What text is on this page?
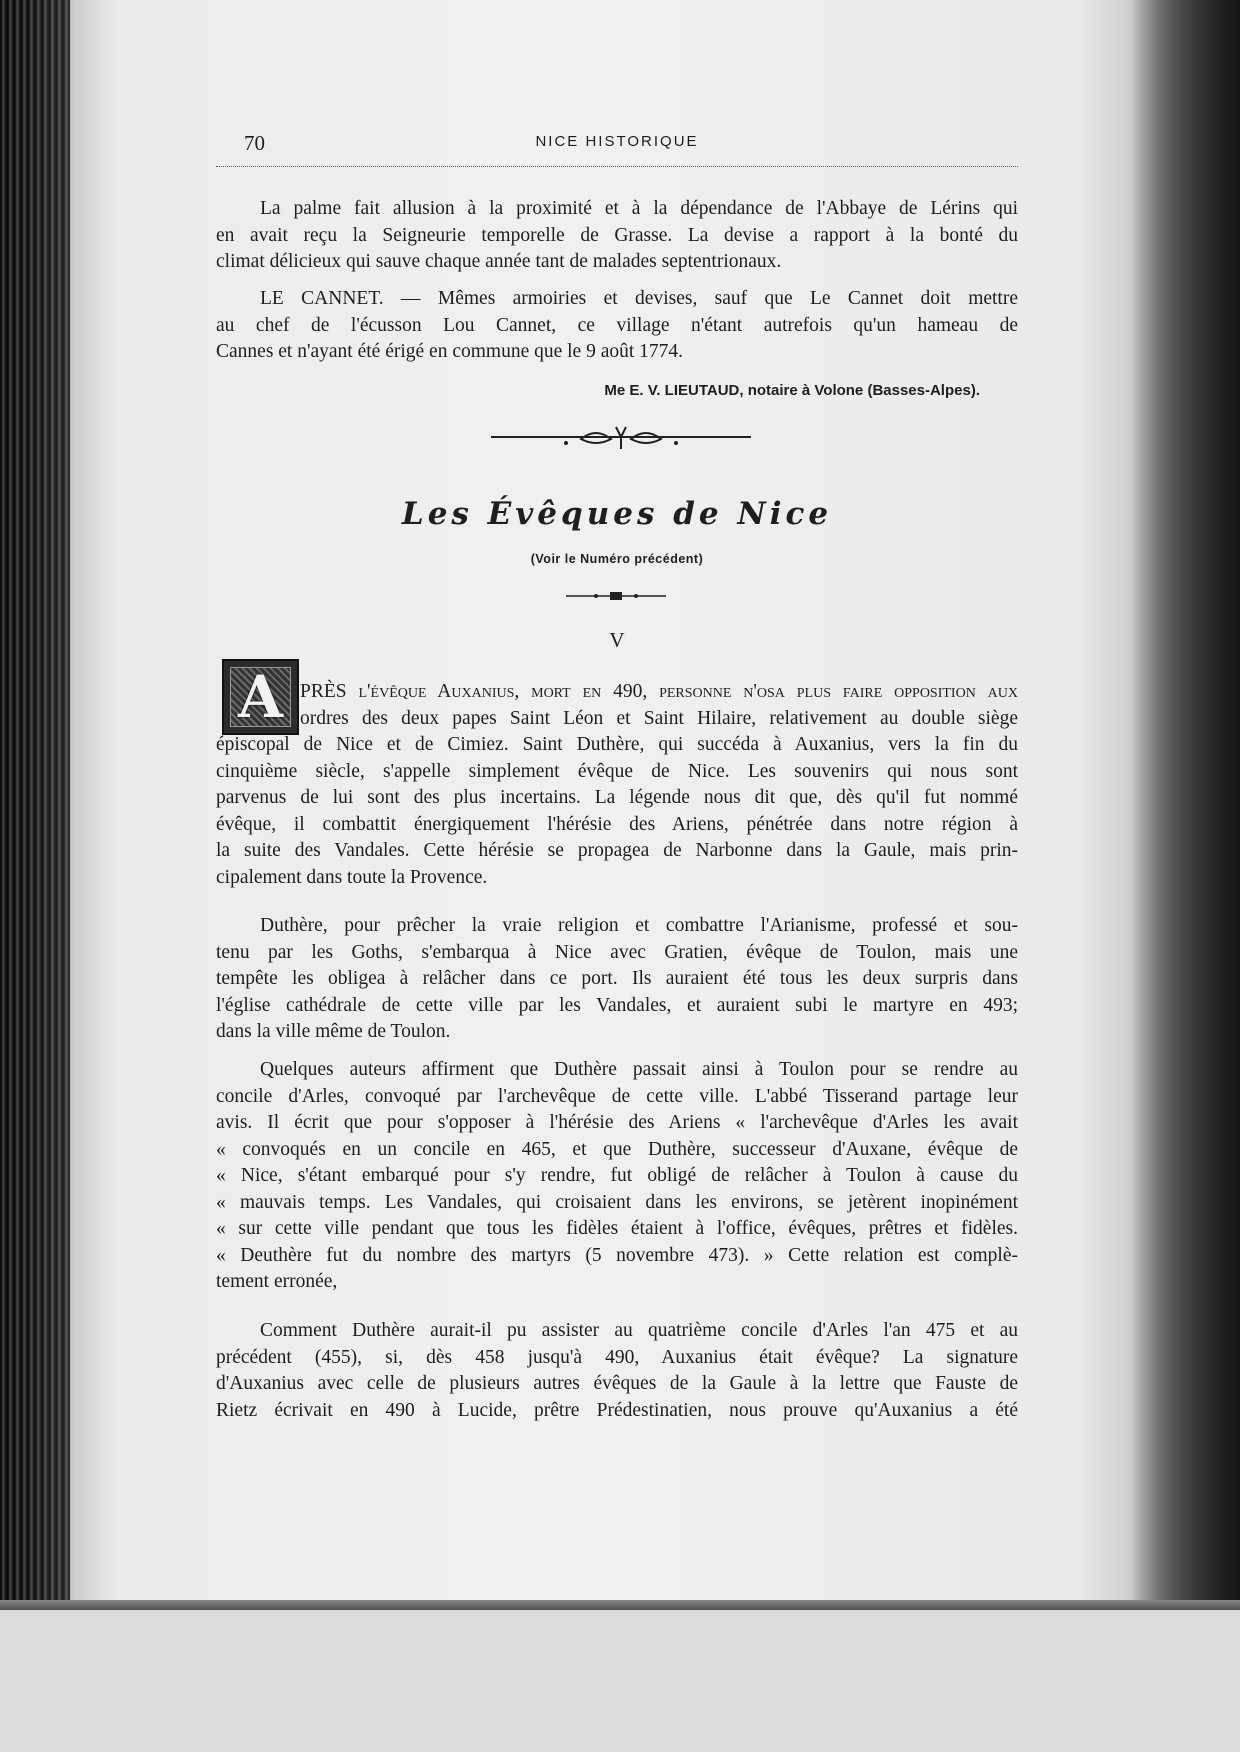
70	NICE HISTORIQUE

La palme fait allusion à la proximité et à la dépendance de l'Abbaye de Lérins qui
en avait reçu la Seigneurie temporelle de Grasse. La devise a rapport à la bonté du
climat délicieux qui sauve chaque année tant de malades septentrionaux.

LE CANNET. — Mêmes armoiries et devises, sauf que Le Cannet doit mettre
au chef de l'écusson Lou Cannet, ce village n'étant autrefois qu'un hameau de
Cannes et n'ayant été érigé en commune que le 9 août 1774.

Me E. V. LIEUTAUD, notaire à Volone (Basses-Alpes).
Les Évêques de Nice
(Voir le Numéro précédent)
V
A PRÈS l'évêque Auxanius, mort en 490, personne n'osa plus faire opposition aux
ordres des deux papes Saint Léon et Saint Hilaire, relativement au double siège
épiscopal de Nice et de Cimiez. Saint Duthère, qui succéda à Auxanius, vers la fin du
cinquième siècle, s'appelle simplement évêque de Nice. Les souvenirs qui nous sont
parvenus de lui sont des plus incertains. La légende nous dit que, dès qu'il fut nommé
évêque, il combattit énergiquement l'hérésie des Ariens, pénétrée dans notre région à
la suite des Vandales. Cette hérésie se propagea de Narbonne dans la Gaule, mais prin-
cipalement dans toute la Provence.

Duthère, pour prêcher la vraie religion et combattre l'Arianisme, professé et sou-
tenu par les Goths, s'embarqua à Nice avec Gratien, évêque de Toulon, mais une
tempête les obligea à relâcher dans ce port. Ils auraient été tous les deux surpris dans
l'église cathédrale de cette ville par les Vandales, et auraient subi le martyre en 493;
dans la ville même de Toulon.

Quelques auteurs affirment que Duthère passait ainsi à Toulon pour se rendre au
concile d'Arles, convoqué par l'archevêque de cette ville. L'abbé Tisserand partage leur
avis. Il écrit que pour s'opposer à l'hérésie des Ariens « l'archevêque d'Arles les avait
« convoqués en un concile en 465, et que Duthère, successeur d'Auxane, évêque de
« Nice, s'étant embarqué pour s'y rendre, fut obligé de relâcher à Toulon à cause du
« mauvais temps. Les Vandales, qui croisaient dans les environs, se jetèrent inopinément
« sur cette ville pendant que tous les fidèles étaient à l'office, évêques, prêtres et fidèles.
« Deuthère fut du nombre des martyrs (5 novembre 473). » Cette relation est complè-
tement erronée,

Comment Duthère aurait-il pu assister au quatrième concile d'Arles l'an 475 et au
précédent (455), si, dès 458 jusqu'à 490, Auxanius était évêque? La signature
d'Auxanius avec celle de plusieurs autres évêques de la Gaule à la lettre que Fauste de
Rietz écrivait en 490 à Lucide, prêtre Prédestinatien, nous prouve qu'Auxanius a été
